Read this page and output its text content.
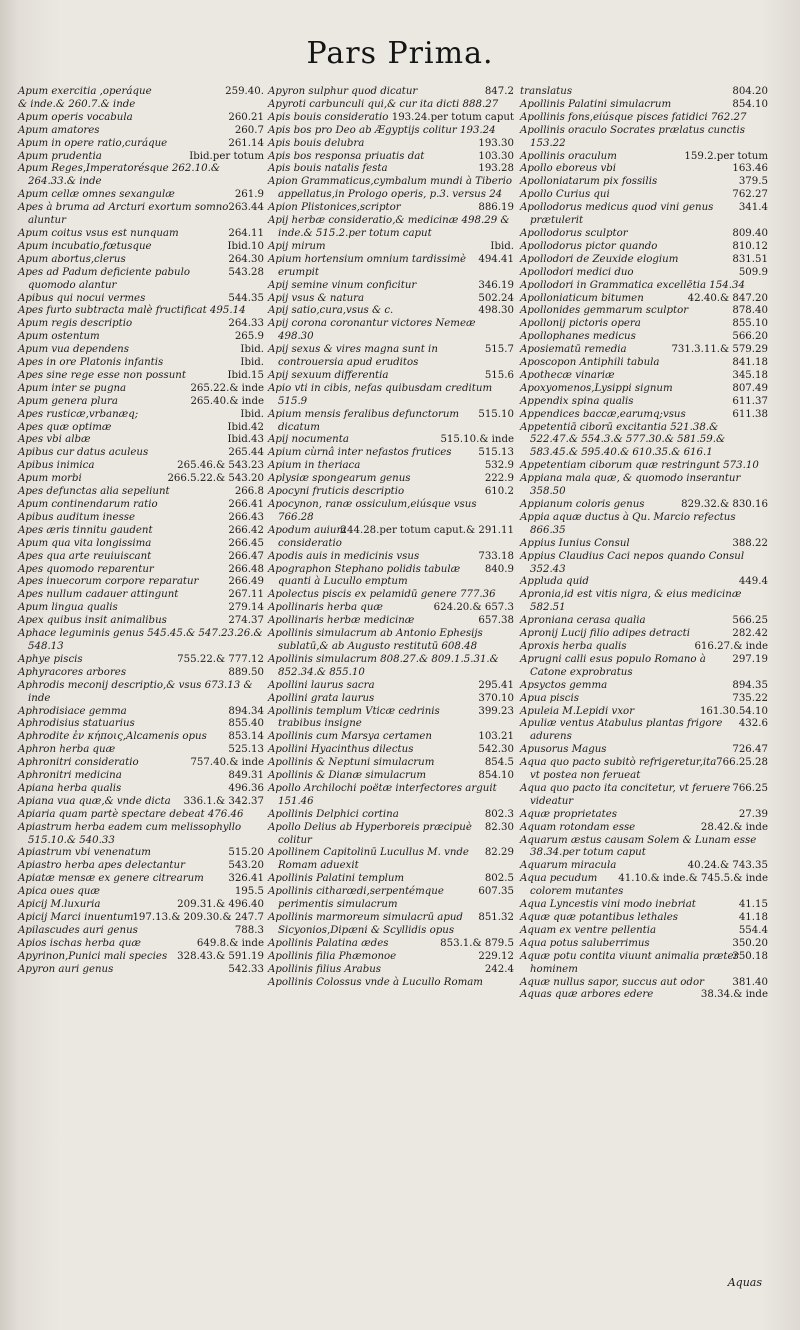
Pars Prima.
259.40.
Apum exercitia ,operáque
& inde.& 260.7.& inde
260.21
Apum operis vocabula
260.7
Apum amatores
261.14
Apum in opere ratio,curáque
Ibid.per totum
Apum prudentia
Apum Reges,Imperatorésque 262.10.& 264.33.& inde
261.9
Apum cellæ omnes sexangulæ
263.44
Apes à bruma ad Arcturi exortum somno aluntur
264.11
Apum coitus vsus est nunquam
Ibid.10
Apum incubatio,fœtusque
264.30
Apum abortus,clerus
543.28
Apes ad Padum deficiente pabulo quomodo alantur
544.35
Apibus qui nocui vermes
Apes furto subtracta malè fructificat 495.14
264.33
Apum regis descriptio
265.9
Apum ostentum
Ibid.
Apum vua dependens
Ibid.
Apes in ore Platonis infantis
Ibid.15
Apes sine rege esse non possunt
265.22.& inde
Apum inter se pugna
265.40.& inde
Apum genera plura
Ibid.
Apes rusticæ,vrbanæq;
Ibid.42
Apes quæ optimæ
Ibid.43
Apes vbi albæ
265.44
Apibus cur datus aculeus
265.46.& 543.23
Apibus inimica
266.5.22.& 543.20
Apum morbi
266.8
Apes defunctas alia sepeliunt
266.41
Apum continendarum ratio
266.43
Apibus auditum inesse
266.42
Apes æris tinnitu gaudent
266.45
Apum qua vita longissima
266.47
Apes qua arte reuiuiscant
266.48
Apes quomodo reparentur
266.49
Apes inuecorum corpore reparatur
267.11
Apes nullum cadauer attingunt
279.14
Apum lingua qualis
274.37
Apex quibus insit animalibus
Aphace leguminis genus 545.45.& 547.23.26.& 548.13
755.22.& 777.12
Aphye piscis
889.50
Aphyracores arbores
Aphrodis meconij descriptio,& vsus 673.13 & inde
894.34
Aphrodisiace gemma
855.40
Aphrodisius statuarius
853.14
Aphrodite ἐν κήποις,Alcamenis opus
525.13
Aphron herba quæ
757.40.& inde
Aphronitri consideratio
849.31
Aphronitri medicina
496.36
Apiana herba qualis
336.1.& 342.37
Apiana vua quæ,& vnde dicta
Apiaria quam partè spectare debeat 476.46
Apiastrum herba eadem cum melissophyllo 515.10.& 540.33
515.20
Apiastrum vbi venenatum
543.20
Apiastro herba apes delectantur
326.41
Apiatæ mensæ ex genere citrearum
195.5
Apica oues quæ
209.31.& 496.40
Apicij M.luxuria
197.13.& 209.30.& 247.7
Apicij Marci inuentum
788.3
Apilascudes auri genus
649.8.& inde
Apios ischas herba quæ
328.43.& 591.19
Apyrinon,Punici mali species
542.33
Apyron auri genus
847.2
Apyron sulphur quod dicatur
Apyroti carbunculi qui,& cur ita dicti 888.27
193.24.per totum caput
Apis bouis consideratio
Apis bos pro Deo ab Ægyptijs colitur 193.24
193.30
Apis bouis delubra
103.30
Apis bos responsa priuatis dat
193.28
Apis bouis natalis festa
Apion Grammaticus,cymbalum mundi à Tiberio appellatus,in Prologo operis, p.3. versus 24
886.19
Apion Plistonices,scriptor
Apij herbæ consideratio,& medicinæ 498.29 & inde.& 515.2.per totum caput
Ibid.
Apij mirum
494.41
Apium hortensium omnium tardissimè erumpit
346.19
Apij semine vinum conficitur
502.24
Apij vsus & natura
498.30
Apij satio,cura,vsus & c.
Apij corona coronantur victores Nemeæ 498.30
515.7
Apij sexus & vires magna sunt in controuersia apud eruditos
515.6
Apij sexuum differentia
Apio vti in cibis, nefas quibusdam creditum 515.9
515.10
Apium mensis feralibus defunctorum dicatum
515.10.& inde
Apij nocumenta
515.13
Apium cùrnâ inter nefastos frutices
532.9
Apium in theriaca
222.9
Aplysiæ spongearum genus
610.2
Apocyni fruticis descriptio
Apocynon, ranæ ossiculum,eiúsque vsus 766.28
244.28.per totum caput.& 291.11
Apodum auium consideratio
733.18
Apodis auis in medicinis vsus
840.9
Apographon Stephano polidis tabulæ quanti à Lucullo emptum
Apolectus piscis ex pelamidū genere 777.36
624.20.& 657.3
Apollinaris herba quæ
657.38
Apollinaris herbæ medicinæ
Apollinis simulacrum ab Antonio Ephesijs sublatū,& ab Augusto restitutū 608.48
Apollinis simulacrum 808.27.& 809.1.5.31.& 852.34.& 855.10
295.41
Apollini laurus sacra
370.10
Apollini grata laurus
399.23
Apollinis templum Vticæ cedrinis trabibus insigne
103.21
Apollinis cum Marsya certamen
542.30
Apollini Hyacinthus dilectus
854.5
Apollinis & Neptuni simulacrum
854.10
Apollinis & Dianæ simulacrum
Apollo Archilochi poëtæ interfectores arguit 151.46
802.3
Apollinis Delphici cortina
82.30
Apollo Delius ab Hyperboreis præcipuè colitur
82.29
Apollinem Capitolinū Lucullus M. vnde Romam aduexit
802.5
Apollinis Palatini templum
607.35
Apollinis citharœdi,serpentémque perimentis simulacrum
851.32
Apollinis marmoreum simulacrū apud Sicyonios,Dipæni & Scyllidis opus
853.1.& 879.5
Apollinis Palatina ædes
229.12
Apollinis filia Phæmonoe
242.4
Apollinis filius Arabus
Apollinis Colossus vnde à Lucullo Romam
804.20
translatus
854.10
Apollinis Palatini simulacrum
Apollinis fons,eiúsque pisces fatidici 762.27
Apollinis oraculo Socrates prælatus cunctis 153.22
159.2.per totum
Apollinis oraculum
163.46
Apollo eboreus vbi
379.5
Apolloniatarum pix fossilis
762.27
Apollo Curius qui
341.4
Apollodorus medicus quod vini genus prætulerit
809.40
Apollodorus sculptor
810.12
Apollodorus pictor quando
831.51
Apollodori de Zeuxide elogium
509.9
Apollodori medici duo
Apollodori in Grammatica excellētia 154.34
42.40.& 847.20
Apolloniaticum bitumen
878.40
Apollonides gemmarum sculptor
855.10
Apollonij pictoris opera
566.20
Apollophanes medicus
731.3.11.& 579.29
Aposiematū remedia
841.18
Aposcopon Antiphili tabula
345.18
Apothecæ vinariæ
807.49
Apoxyomenos,Lysippi signum
611.37
Appendix spina qualis
611.38
Appendices baccæ,earumq;vsus
Appetentiā ciborū excitantia 521.38.& 522.47.& 554.3.& 577.30.& 581.59.& 583.45.& 595.40.& 610.35.& 616.1
Appetentiam ciborum quæ restringunt 573.10
Appiana mala quæ, & quomodo inserantur 358.50
829.32.& 830.16
Appianum coloris genus
Appia aquæ ductus à Qu. Marcio refectus 866.35
388.22
Appius Iunius Consul
Appius Claudius Caci nepos quando Consul 352.43
449.4
Appluda quid
Apronia,id est vitis nigra, & eius medicinæ 582.51
566.25
Aproniana cerasa qualia
282.42
Apronij Lucij filio adipes detracti
616.27.& inde
Aproxis herba qualis
297.19
Aprugni calli esus populo Romano à Catone exprobratus
894.35
Apsyctos gemma
735.22
Apua piscis
161.30.54.10
Apuleia M.Lepidi vxor
432.6
Apuliæ ventus Atabulus plantas frigore adurens
726.47
Apusorus Magus
766.25.28
Aqua quo pacto subitò refrigeretur,ita vt postea non ferueat
766.25
Aqua quo pacto ita concitetur, vt feruere videatur
27.39
Aquæ proprietates
28.42.& inde
Aquam rotondam esse
Aquarum æstus causam Solem & Lunam esse 38.34.per totum caput
40.24.& 743.35
Aquarum miracula
41.10.& inde.& 745.5.& inde
Aqua pecudum colorem mutantes
41.15
Aqua Lyncestis vini modo inebriat
41.18
Aquæ quæ potantibus lethales
554.4
Aquam ex ventre pellentia
350.20
Aqua potus saluberrimus
350.18
Aquæ potu contita viuunt animalia præter hominem
381.40
Aquæ nullus sapor, succus aut odor
38.34.& inde
Aquas quæ arbores edere
Aquas
